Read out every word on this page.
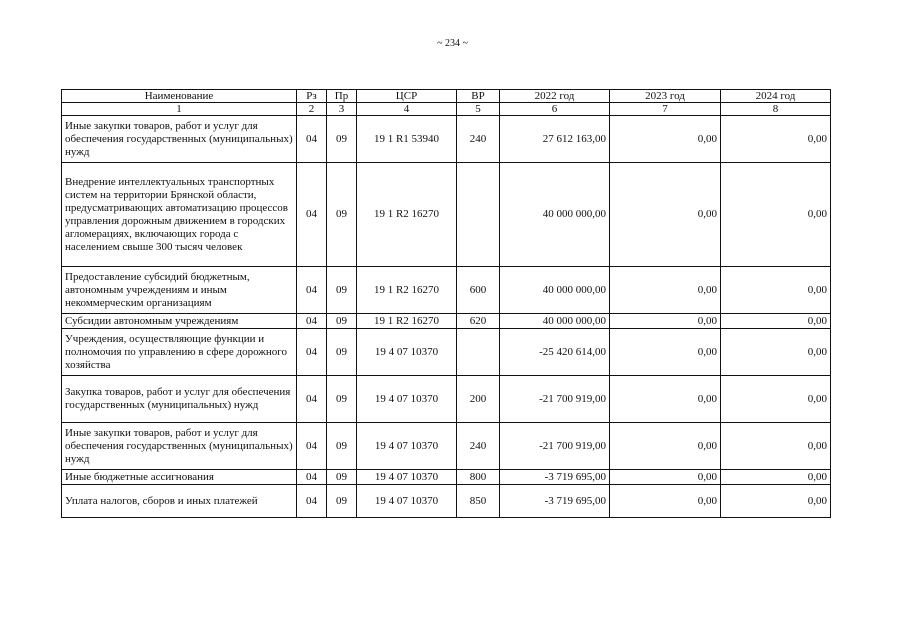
~ 234 ~
Наименование	Рз	Пр	ЦСР	ВР	2022 год	2023 год	2024 год
1	2	3	4	5	6	7	8
Иные закупки товаров, работ и услуг для обеспечения государственных (муниципальных) нужд	04	09	19 1 R1 53940	240	27 612 163,00	0,00	0,00
Внедрение интеллектуальных транспортных систем на территории Брянской области, предусматривающих автоматизацию процессов управления дорожным движением в городских агломерациях, включающих города с населением свыше 300 тысяч человек	04	09	19 1 R2 16270		40 000 000,00	0,00	0,00
Предоставление субсидий бюджетным, автономным учреждениям и иным некоммерческим организациям	04	09	19 1 R2 16270	600	40 000 000,00	0,00	0,00
Субсидии автономным учреждениям	04	09	19 1 R2 16270	620	40 000 000,00	0,00	0,00
Учреждения, осуществляющие функции и полномочия по управлению в сфере дорожного хозяйства	04	09	19 4 07 10370		-25 420 614,00	0,00	0,00
Закупка товаров, работ и услуг для обеспечения государственных (муниципальных) нужд	04	09	19 4 07 10370	200	-21 700 919,00	0,00	0,00
Иные закупки товаров, работ и услуг для обеспечения государственных (муниципальных) нужд	04	09	19 4 07 10370	240	-21 700 919,00	0,00	0,00
Иные бюджетные ассигнования	04	09	19 4 07 10370	800	-3 719 695,00	0,00	0,00
Уплата налогов, сборов и иных платежей	04	09	19 4 07 10370	850	-3 719 695,00	0,00	0,00
